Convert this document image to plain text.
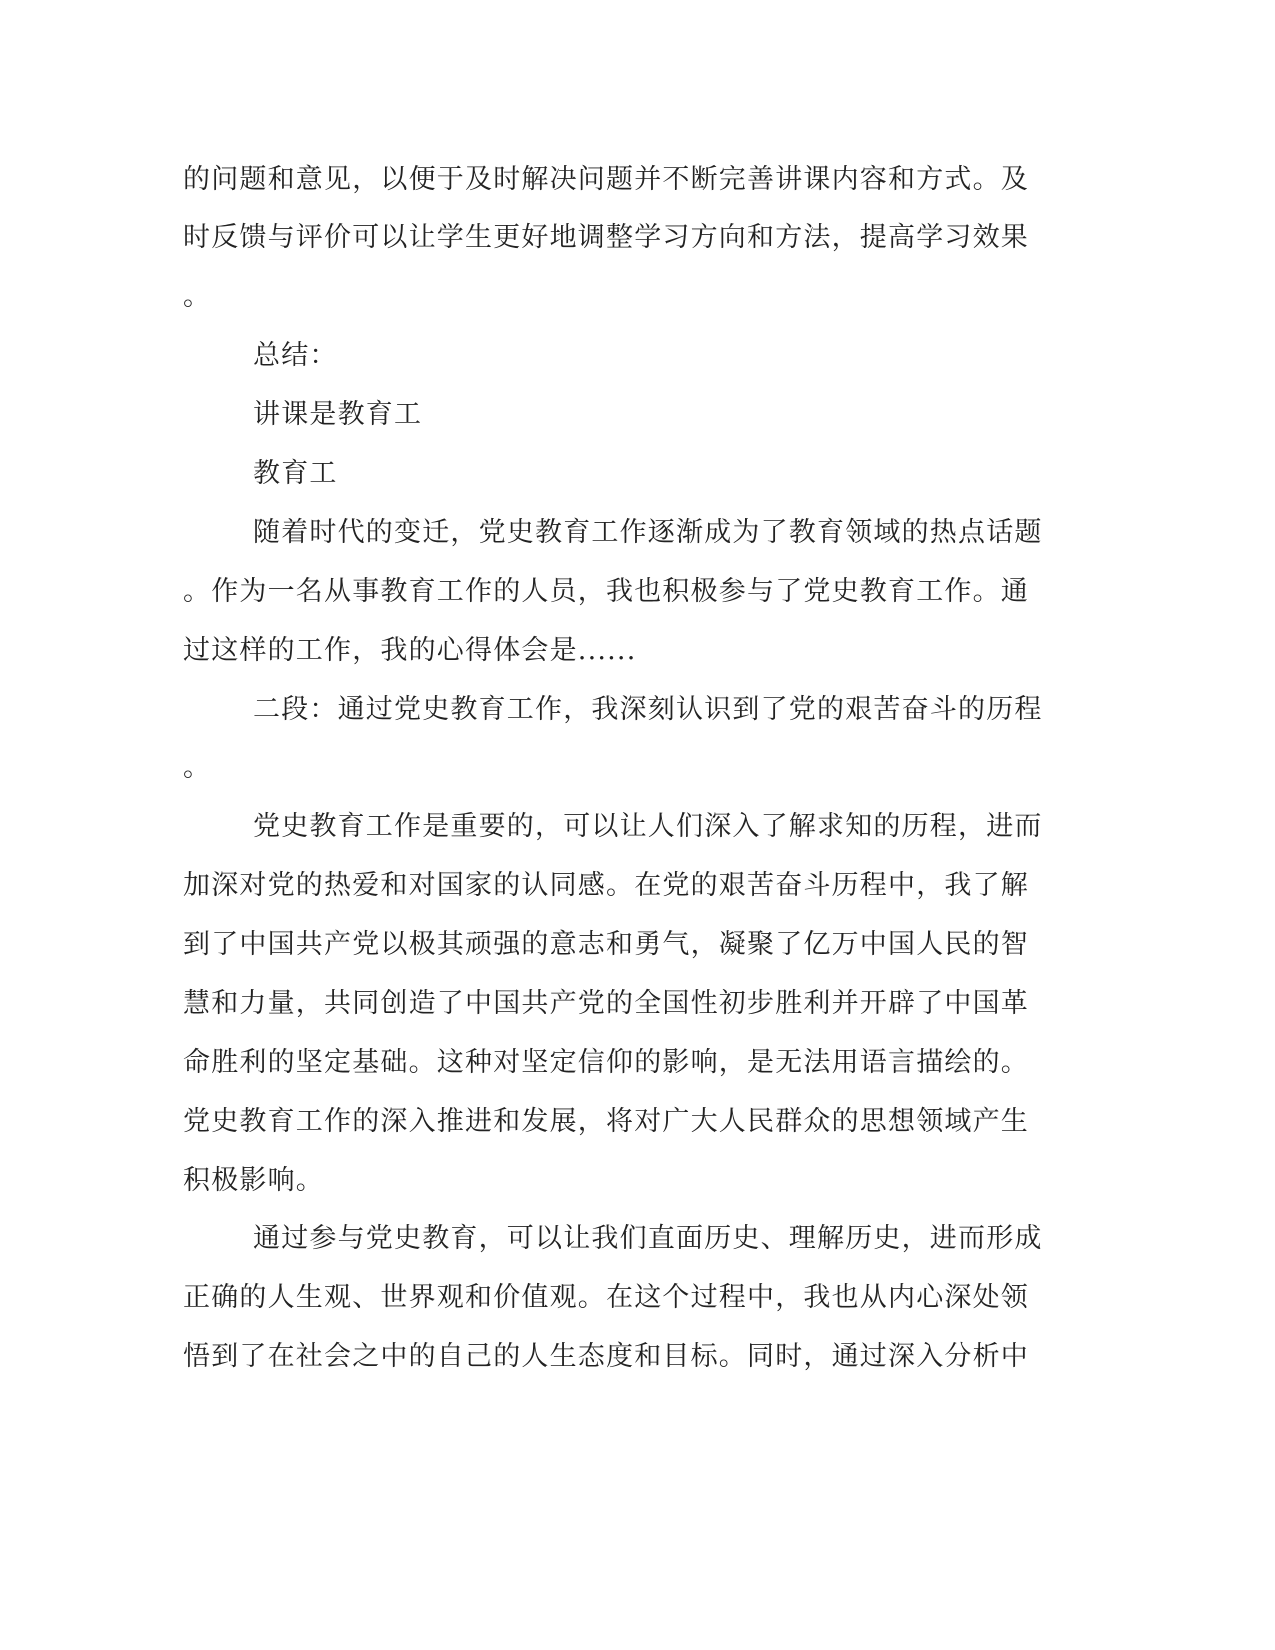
的问题和意见，以便于及时解决问题并不断完善讲课内容和方式。及
时反馈与评价可以让学生更好地调整学习方向和方法，提高学习效果
。
总结：
讲课是教育工
教育工
随着时代的变迁，党史教育工作逐渐成为了教育领域的热点话题
。作为一名从事教育工作的人员，我也积极参与了党史教育工作。通
过这样的工作，我的心得体会是......
二段：通过党史教育工作，我深刻认识到了党的艰苦奋斗的历程
。
党史教育工作是重要的，可以让人们深入了解求知的历程，进而
加深对党的热爱和对国家的认同感。在党的艰苦奋斗历程中，我了解
到了中国共产党以极其顽强的意志和勇气，凝聚了亿万中国人民的智
慧和力量，共同创造了中国共产党的全国性初步胜利并开辟了中国革
命胜利的坚定基础。这种对坚定信仰的影响，是无法用语言描绘的。
党史教育工作的深入推进和发展，将对广大人民群众的思想领域产生
积极影响。
通过参与党史教育，可以让我们直面历史、理解历史，进而形成
正确的人生观、世界观和价值观。在这个过程中，我也从内心深处领
悟到了在社会之中的自己的人生态度和目标。同时，通过深入分析中
